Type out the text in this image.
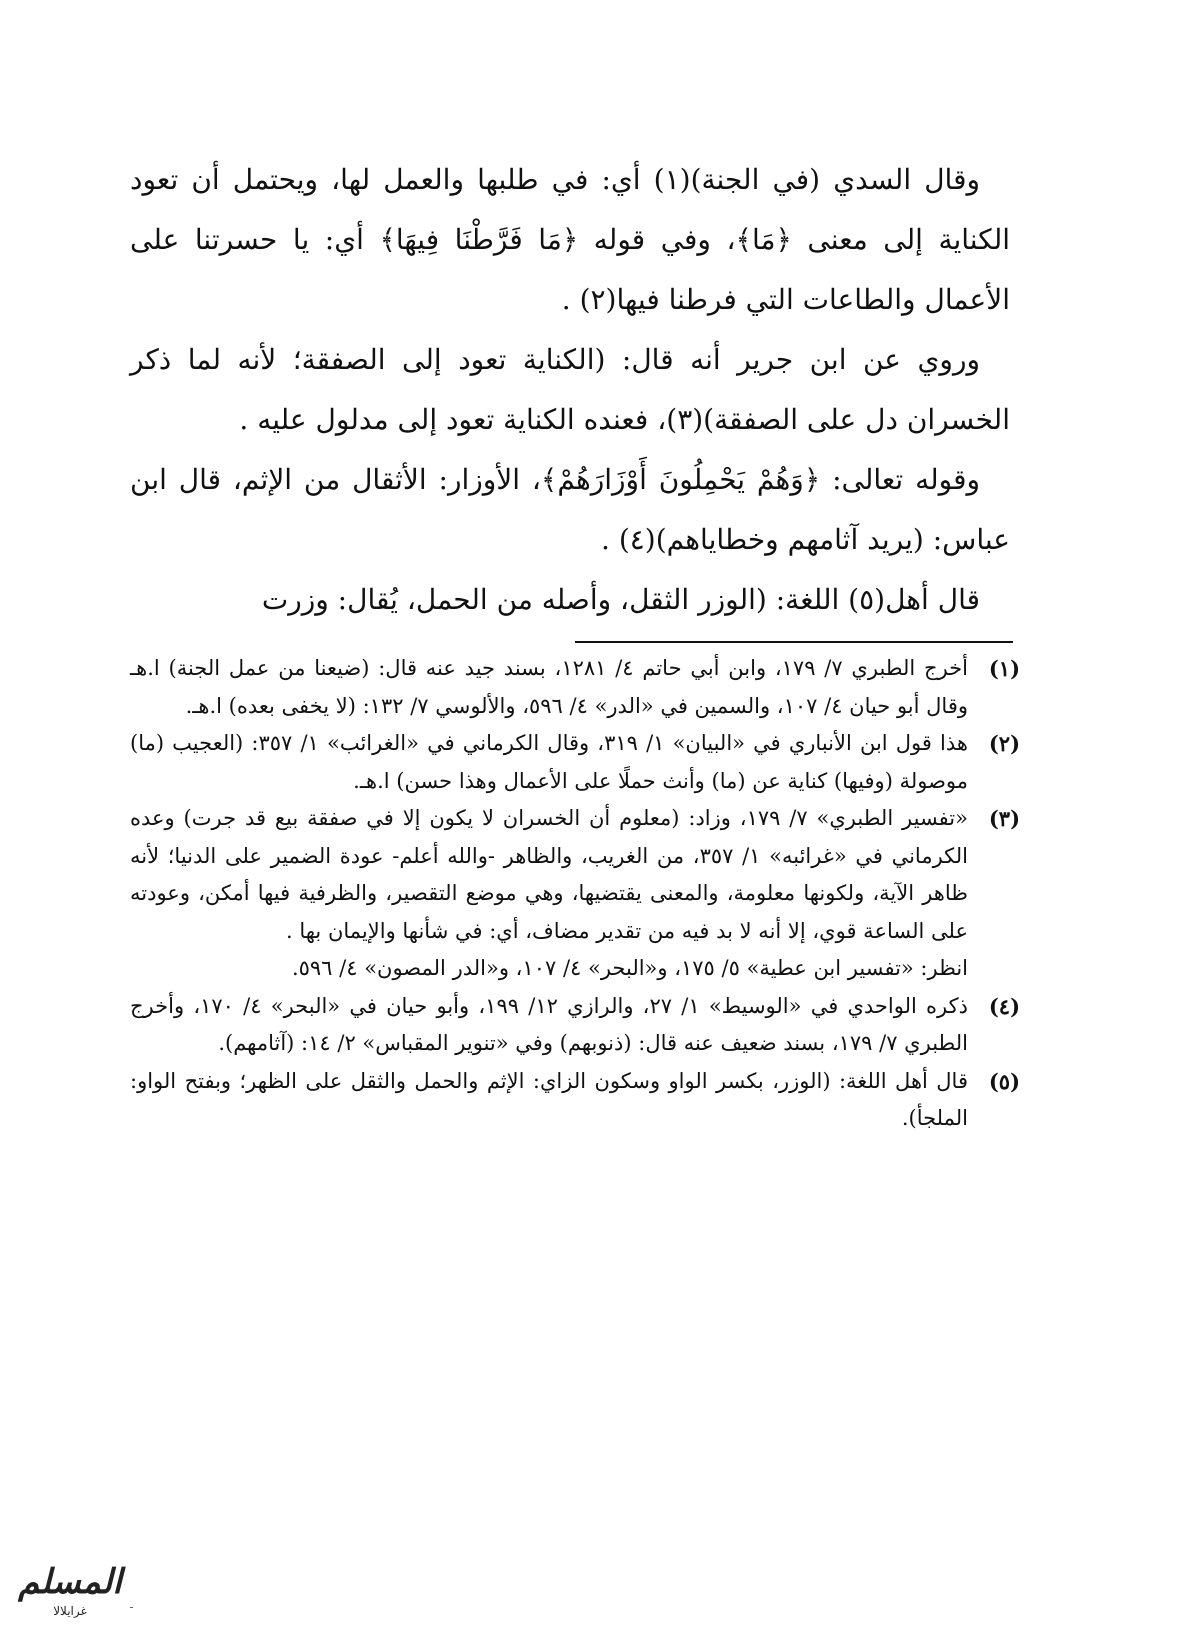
وقال السدي (في الجنة)(١) أي: في طلبها والعمل لها، ويحتمل أن تعود الكناية إلى معنى ﴿مَا﴾، وفي قوله ﴿مَا فَرَّطْنَا فِيهَا﴾ أي: يا حسرتنا على الأعمال والطاعات التي فرطنا فيها(٢) .

وروي عن ابن جرير أنه قال: (الكناية تعود إلى الصفقة؛ لأنه لما ذكر الخسران دل على الصفقة)(٣)، فعنده الكناية تعود إلى مدلول عليه .

وقوله تعالى: ﴿وَهُمْ يَحْمِلُونَ أَوْزَارَهُمْ﴾، الأوزار: الأثقال من الإثم، قال ابن عباس: (يريد آثامهم وخطاياهم)(٤) .

قال أهل(٥) اللغة: (الوزر الثقل، وأصله من الحمل، يُقال: وزرت

(١)
أخرج الطبري ٧/ ١٧٩، وابن أبي حاتم ٤/ ١٢٨١، بسند جيد عنه قال: (ضيعنا من عمل الجنة) ا.هـ وقال أبو حيان ٤/ ١٠٧، والسمين في «الدر» ٤/ ٥٩٦، والألوسي ٧/ ١٣٢: (لا يخفى بعده) ا.هـ.
(٢)
هذا قول ابن الأنباري في «البيان» ١/ ٣١٩، وقال الكرماني في «الغرائب» ١/ ٣٥٧: (العجيب (ما) موصولة (وفيها) كناية عن (ما) وأنث حملًا على الأعمال وهذا حسن) ا.هـ.
(٣)
«تفسير الطبري» ٧/ ١٧٩، وزاد: (معلوم أن الخسران لا يكون إلا في صفقة بيع قد جرت) وعده الكرماني في «غرائبه» ١/ ٣٥٧، من الغريب، والظاهر -والله أعلم- عودة الضمير على الدنيا؛ لأنه ظاهر الآية، ولكونها معلومة، والمعنى يقتضيها، وهي موضع التقصير، والظرفية فيها أمكن، وعودته على الساعة قوي، إلا أنه لا بد فيه من تقدير مضاف، أي: في شأنها والإيمان بها .
انظر: «تفسير ابن عطية» ٥/ ١٧٥، و«البحر» ٤/ ١٠٧، و«الدر المصون» ٤/ ٥٩٦.
(٤)
ذكره الواحدي في «الوسيط» ١/ ٢٧، والرازي ١٢/ ١٩٩، وأبو حيان في «البحر» ٤/ ١٧٠، وأخرج الطبري ٧/ ١٧٩، بسند ضعيف عنه قال: (ذنوبهم) وفي «تنوير المقباس» ٢/ ١٤: (آثامهم).
(٥)
قال أهل اللغة: (الوزر، بكسر الواو وسكون الزاي: الإثم والحمل والثقل على الظهر؛ وبفتح الواو: الملجأ).
ـ
المسلم
غرايلالا
